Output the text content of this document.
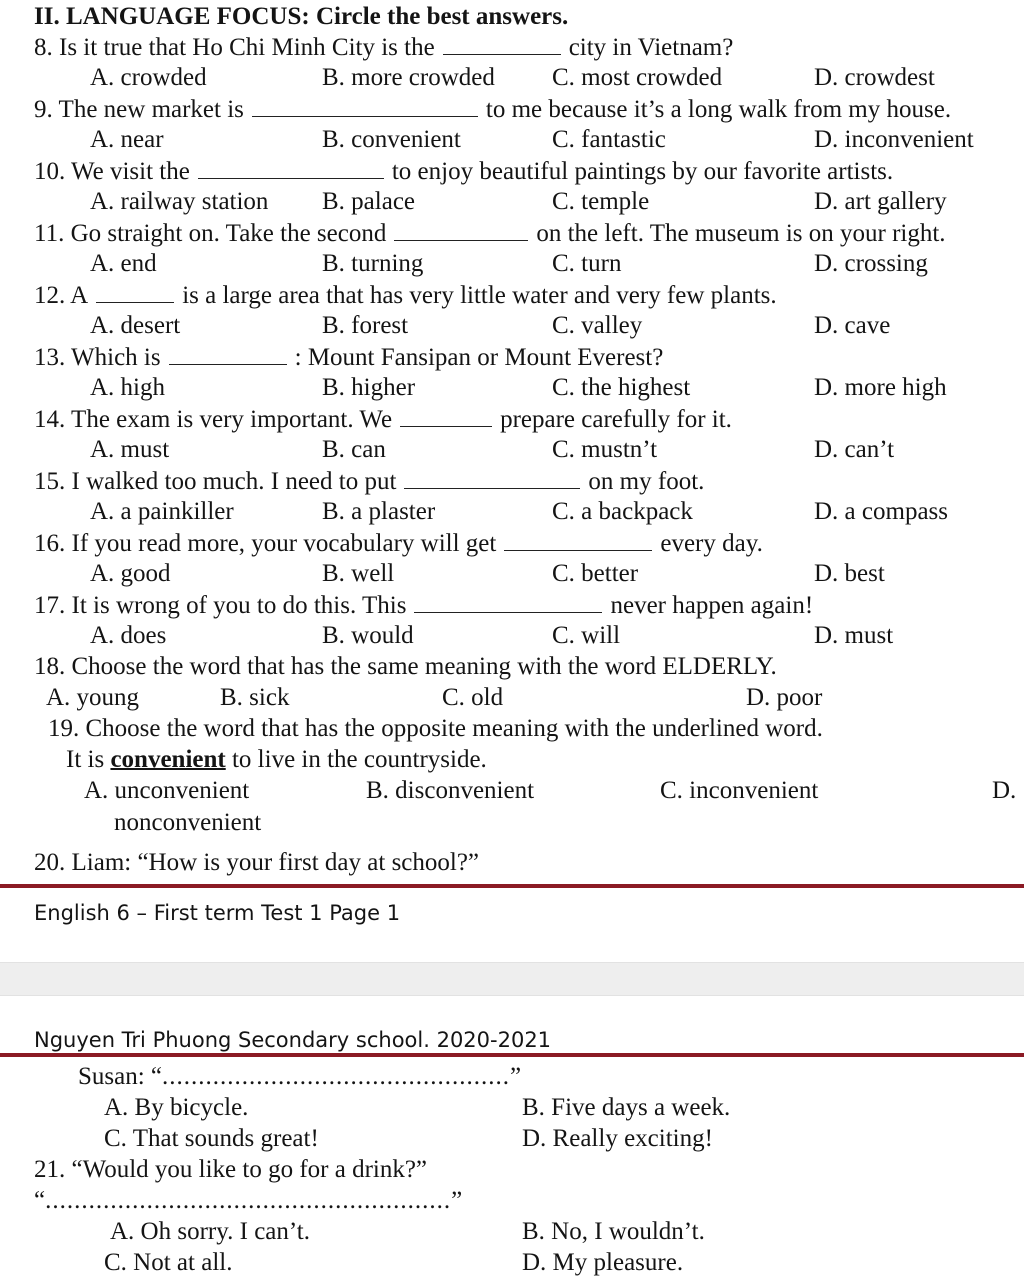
II. LANGUAGE FOCUS: Circle the best answers.
8. Is it true that Ho Chi Minh City is the	city in Vietnam?
A. crowded	B. more crowded C. most crowded	D. crowdest
9. The new market is	to me because it’s a long walk from my house.
A. near	B. convenient	C. fantastic	D. inconvenient
10. We visit the	to enjoy beautiful paintings by our favorite artists.
A. railway station B. palace	C. temple	D. art gallery
11. Go straight on. Take the second	on the left. The museum is on your right.
A. end	B. turning	C. turn	D. crossing
12. A	is a large area that has very little water and very few plants.
A. desert	B. forest	C. valley	D. cave
13. Which is	: Mount Fansipan or Mount Everest?
A. high	B. higher	C. the highest	D. more high
14. The exam is very important. We	prepare carefully for it.
A. must	B. can	C. mustn’t	D. can’t
15. I walked too much. I need to put	on my foot.
A. a painkiller	B. a plaster	C. a backpack	D. a compass
16. If you read more, your vocabulary will get	every day.
A. good	B. well	C. better	D. best
17. It is wrong of you to do this. This	never happen again!
A. does	B. would	C. will	D. must
18. Choose the word that has the same meaning with the word ELDERLY.
A. young	B. sick	C. old	D. poor
19. Choose the word that has the opposite meaning with the underlined word.
It is convenient to live in the countryside.
A. unconvenient	B. disconvenient	C. inconvenient	D.
nonconvenient
20. Liam: “How is your first day at school?”
English 6 – First term Test 1 Page 1
Nguyen Tri Phuong Secondary school. 2020-2021
Susan: “................................................”
A. By bicycle.	B. Five days a week.
C. That sounds great!	D. Really exciting!
21. “Would you like to go for a drink?”
“........................................................”
A. Oh sorry. I can’t.	B. No, I wouldn’t.
C. Not at all.	D. My pleasure.
